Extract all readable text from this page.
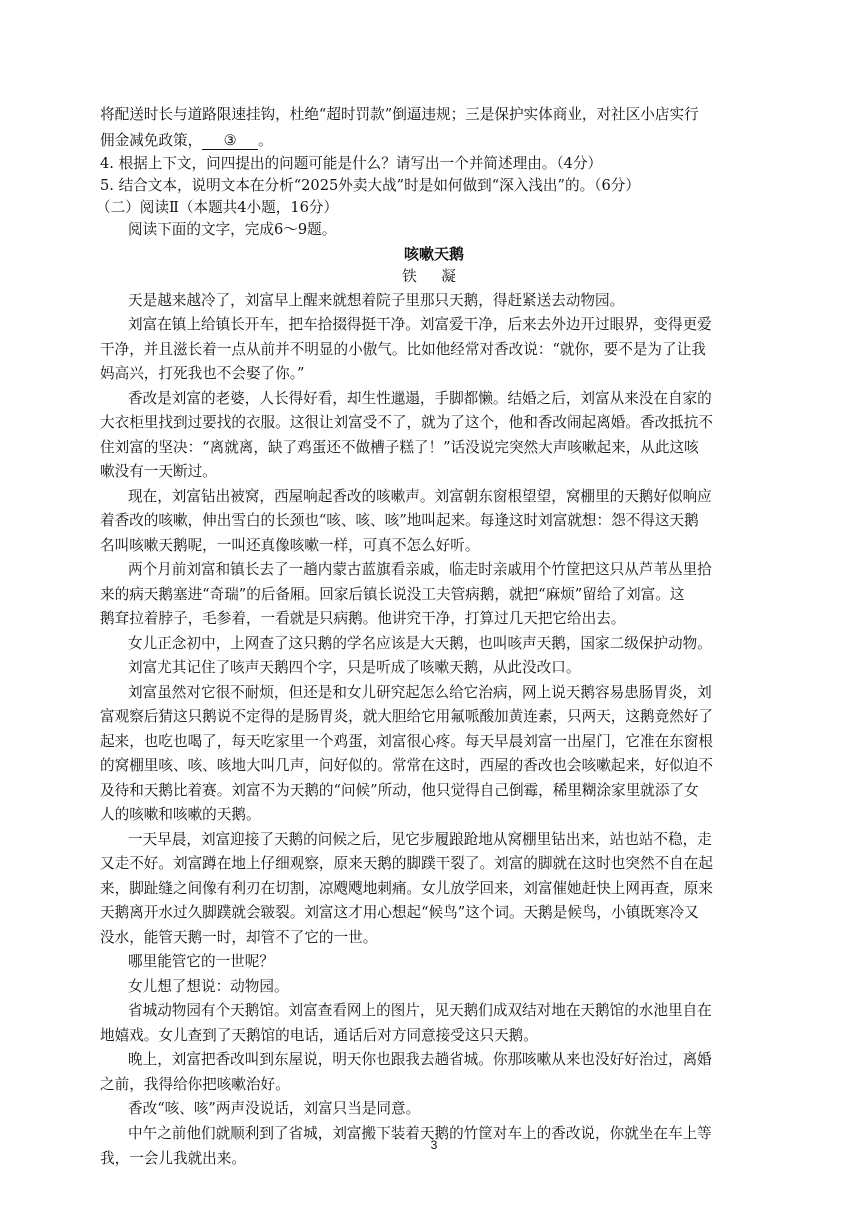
将配送时长与道路限速挂钩，杜绝“超时罚款”倒逼违规；三是保护实体商业，对社区小店实行
佣金减免政策， ③ 。
4. 根据上下文，问四提出的问题可能是什么？请写出一个并简述理由。（4分）
5. 结合文本，说明文本在分析“2025外卖大战”时是如何做到“深入浅出”的。（6分）
（二）阅读Ⅱ（本题共4小题，16分）
阅读下面的文字，完成6～9题。
咳嗽天鹅
铁 凝
天是越来越冷了，刘富早上醒来就想着院子里那只天鹅，得赶紧送去动物园。
刘富在镇上给镇长开车，把车拾掇得挺干净。刘富爱干净，后来去外边开过眼界，变得更爱
干净，并且滋长着一点从前并不明显的小傲气。比如他经常对香改说：“就你，要不是为了让我
妈高兴，打死我也不会娶了你。”
香改是刘富的老婆，人长得好看，却生性邋遢，手脚都懒。结婚之后，刘富从来没在自家的
大衣柜里找到过要找的衣服。这很让刘富受不了，就为了这个，他和香改闹起离婚。香改抵抗不
住刘富的坚决：“离就离，缺了鸡蛋还不做槽子糕了！”话没说完突然大声咳嗽起来，从此这咳
嗽没有一天断过。
现在，刘富钻出被窝，西屋响起香改的咳嗽声。刘富朝东窗根望望，窝棚里的天鹅好似响应
着香改的咳嗽，伸出雪白的长颈也“咳、咳、咳”地叫起来。每逢这时刘富就想：怨不得这天鹅
名叫咳嗽天鹅呢，一叫还真像咳嗽一样，可真不怎么好听。
两个月前刘富和镇长去了一趟内蒙古蓝旗看亲戚，临走时亲戚用个竹筐把这只从芦苇丛里拾
来的病天鹅塞进“奇瑞”的后备厢。回家后镇长说没工夫管病鹅，就把“麻烦”留给了刘富。这
鹅耷拉着脖子，毛参着，一看就是只病鹅。他讲究干净，打算过几天把它给出去。
女儿正念初中，上网查了这只鹅的学名应该是大天鹅，也叫咳声天鹅，国家二级保护动物。
刘富尤其记住了咳声天鹅四个字，只是听成了咳嗽天鹅，从此没改口。
刘富虽然对它很不耐烦，但还是和女儿研究起怎么给它治病，网上说天鹅容易患肠胃炎，刘
富观察后猜这只鹅说不定得的是肠胃炎，就大胆给它用氟哌酸加黄连素，只两天，这鹅竟然好了
起来，也吃也喝了，每天吃家里一个鸡蛋，刘富很心疼。每天早晨刘富一出屋门，它准在东窗根
的窝棚里咳、咳、咳地大叫几声，问好似的。常常在这时，西屋的香改也会咳嗽起来，好似迫不
及待和天鹅比着赛。刘富不为天鹅的“问候”所动，他只觉得自己倒霉，稀里糊涂家里就添了女
人的咳嗽和咳嗽的天鹅。
一天早晨，刘富迎接了天鹅的问候之后，见它步履踉跄地从窝棚里钻出来，站也站不稳，走
又走不好。刘富蹲在地上仔细观察，原来天鹅的脚蹼干裂了。刘富的脚就在这时也突然不自在起
来，脚趾缝之间像有利刃在切割，凉飕飕地刺痛。女儿放学回来，刘富催她赶快上网再查，原来
天鹅离开水过久脚蹼就会皲裂。刘富这才用心想起“候鸟”这个词。天鹅是候鸟，小镇既寒冷又
没水，能管天鹅一时，却管不了它的一世。
哪里能管它的一世呢？
女儿想了想说：动物园。
省城动物园有个天鹅馆。刘富查看网上的图片，见天鹅们成双结对地在天鹅馆的水池里自在
地嬉戏。女儿查到了天鹅馆的电话，通话后对方同意接受这只天鹅。
晚上，刘富把香改叫到东屋说，明天你也跟我去趟省城。你那咳嗽从来也没好好治过，离婚
之前，我得给你把咳嗽治好。
香改“咳、咳”两声没说话，刘富只当是同意。
中午之前他们就顺利到了省城，刘富搬下装着天鹅的竹筐对车上的香改说，你就坐在车上等
我，一会儿我就出来。
3
